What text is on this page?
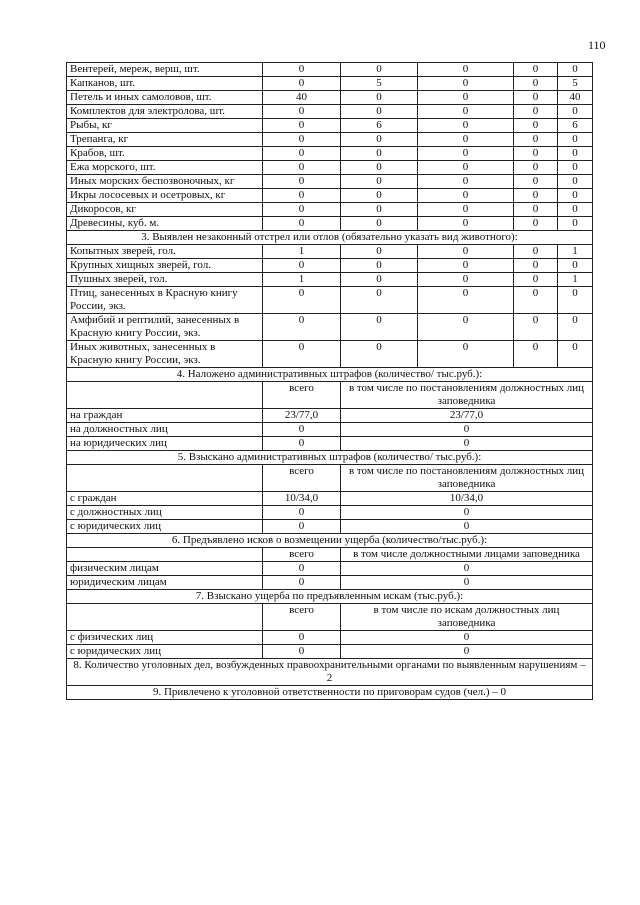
110
Вентерей, мереж, верш, шт.	0	0	0	0	0
Капканов, шт.	0	5	0	0	5
Петель и иных самоловов, шт.	40	0	0	0	40
Комплектов для электролова, шт.	0	0	0	0	0
Рыбы, кг	0	6	0	0	6
Трепанга, кг	0	0	0	0	0
Крабов, шт.	0	0	0	0	0
Ежа морского, шт.	0	0	0	0	0
Иных морских беспозвоночных, кг	0	0	0	0	0
Икры лососевых и осетровых, кг	0	0	0	0	0
Дикоросов, кг	0	0	0	0	0
Древесины, куб. м.	0	0	0	0	0
3. Выявлен незаконный отстрел или отлов (обязательно указать вид животного):					
Копытных зверей, гол.	1	0	0	0	1
Крупных хищных зверей, гол.	0	0	0	0	0
Пушных зверей, гол.	1	0	0	0	1
Птиц, занесенных в Красную книгу России, экз.	0	0	0	0	0
Амфибий и рептилий, занесенных в Красную книгу России, экз.	0	0	0	0	0
Иных животных, занесенных в Красную книгу России, экз.	0	0	0	0	0
4. Наложено административных штрафов (количество/ тыс.руб.):					
	всего	в том числе по постановлениям должностных лиц заповедника			
на граждан	23/77,0	23/77,0			
на должностных лиц	0	0			
на юридических лиц	0	0			
5. Взыскано административных штрафов (количество/ тыс.руб.):					
	всего	в том числе по постановлениям должностных лиц заповедника			
с граждан	10/34,0	10/34,0			
с должностных лиц	0	0			
с юридических лиц	0	0			
6. Предъявлено исков о возмещении ущерба (количество/тыс.руб.):					
	всего	в том числе должностными лицами заповедника			
физическим лицам	0	0			
юридическим лицам	0	0			
7. Взыскано ущерба по предъявленным искам (тыс.руб.):					
	всего	в том числе по искам должностных лиц заповедника			
с физических лиц	0	0			
с юридических лиц	0	0			
8. Количество уголовных дел, возбужденных правоохранительными органами по выявленным нарушениям – 2					
9. Привлечено к уголовной ответственности по приговорам судов (чел.) – 0					
